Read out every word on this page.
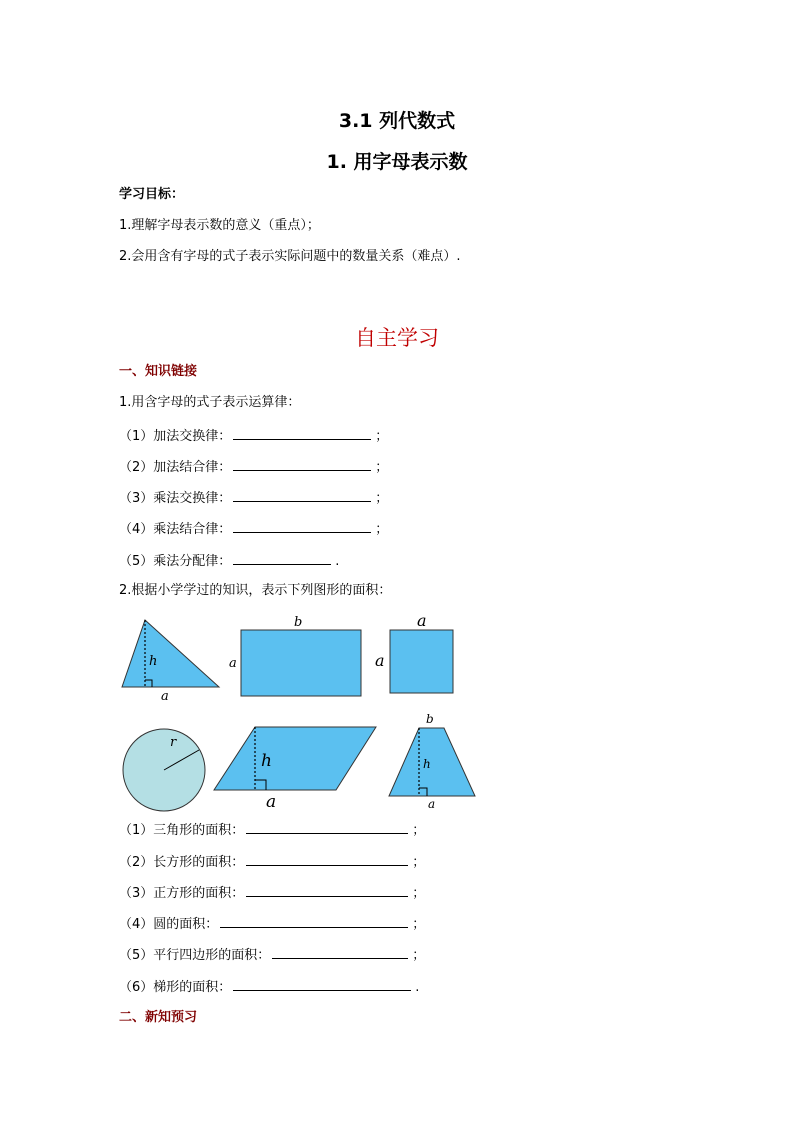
3.1 列代数式
1. 用字母表示数
学习目标：
1.理解字母表示数的意义（重点）；
2.会用含有字母的式子表示实际问题中的数量关系（难点）.
自主学习
一、知识链接
1.用含字母的式子表示运算律：
（1）加法交换律：	；
（2）加法结合律：	；
（3）乘法交换律：	；
（4）乘法结合律：	；
（5）乘法分配律：	.
2.根据小学学过的知识，表示下列图形的面积：
h
a
b
a
a
a
r
h
a
b
h
a
（1）三角形的面积：	；
（2）长方形的面积：	；
（3）正方形的面积：	；
（4）圆的面积：	；
（5）平行四边形的面积：	；
（6）梯形的面积：	.
二、新知预习
